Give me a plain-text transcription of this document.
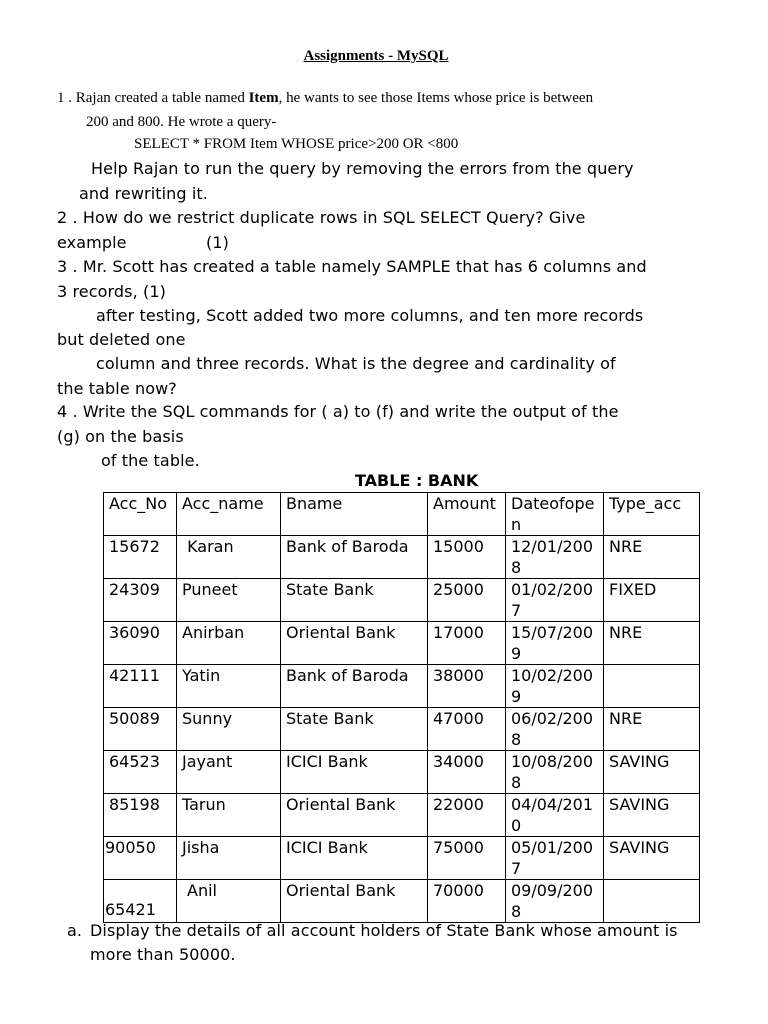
Assignments - MySQL
1 . Rajan created a table named Item, he wants to see those Items whose price is between
200 and 800. He wrote a query-
SELECT * FROM Item WHOSE price>200 OR <800
Help Rajan to run the query by removing the errors from the query
and rewriting it.
2 . How do we restrict duplicate rows in SQL SELECT Query? Give
example	(1)
3 . Mr. Scott has created a table namely SAMPLE that has 6 columns and
3 records, (1)
after testing, Scott added two more columns, and ten more records
but deleted one
column and three records. What is the degree and cardinality of
the table now?
4 . Write the SQL commands for ( a) to (f) and write the output of the
(g) on the basis
of the table.
TABLE : BANK
Acc_No	Acc_name	Bname	Amount	Dateofopen	Type_acc
15672	Karan	Bank of Baroda	15000	12/01/2008	NRE
24309	Puneet	State Bank	25000	01/02/2007	FIXED
36090	Anirban	Oriental Bank	17000	15/07/2009	NRE
42111	Yatin	Bank of Baroda	38000	10/02/2009	
50089	Sunny	State Bank	47000	06/02/2008	NRE
64523	Jayant	ICICI Bank	34000	10/08/2008	SAVING
85198	Tarun	Oriental Bank	22000	04/04/2010	SAVING
90050	Jisha	ICICI Bank	75000	05/01/2007	SAVING
65421	Anil	Oriental Bank	70000	09/09/2008	
a. Display the details of all account holders of State Bank whose amount is
more than 50000.
